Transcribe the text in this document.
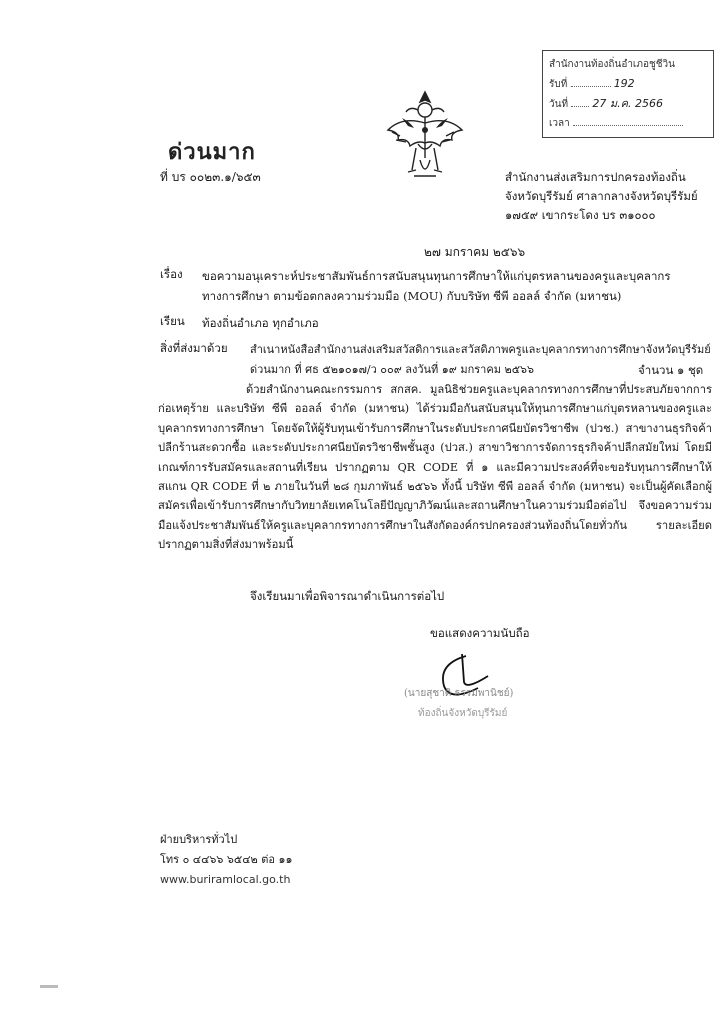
สำนักงานท้องถิ่นอำเภอชูชีวิน
รับที่	192
วันที่ 27 ม.ค. 2566
เวลา
ด่วนมาก
ที่ บร ๐๐๒๓.๑/๖๕๓	สำนักงานส่งเสริมการปกครองท้องถิ่น
จังหวัดบุรีรัมย์ ศาลากลางจังหวัดบุรีรัมย์
๑๗๕๙ เขากระโดง บร ๓๑๐๐๐
๒๗ มกราคม ๒๕๖๖
เรื่อง ขอความอนุเคราะห์ประชาสัมพันธ์การสนับสนุนทุนการศึกษาให้แก่บุตรหลานของครูและบุคลากร
ทางการศึกษา ตามข้อตกลงความร่วมมือ (MOU) กับบริษัท ซีพี ออลล์ จำกัด (มหาชน)
เรียน ท้องถิ่นอำเภอ ทุกอำเภอ
สิ่งที่ส่งมาด้วย สำเนาหนังสือสำนักงานส่งเสริมสวัสดิการและสวัสดิภาพครูและบุคลากรทางการศึกษาจังหวัดบุรีรัมย์
ด่วนมาก ที่ ศธ ๕๒๑๐๑๗/ว ๐๐๙ ลงวันที่ ๑๙ มกราคม ๒๕๖๖	จำนวน ๑ ชุด
ด้วยสำนักงานคณะกรรมการ สกสค. มูลนิธิช่วยครูและบุคลากรทางการศึกษาที่ประสบภัยจากการก่อเหตุร้าย และบริษัท ซีพี ออลล์ จำกัด (มหาชน) ได้ร่วมมือกันสนับสนุนให้ทุนการศึกษาแก่บุตรหลานของครูและบุคลากรทางการศึกษา โดยจัดให้ผู้รับทุนเข้ารับการศึกษาในระดับประกาศนียบัตรวิชาชีพ (ปวช.) สาขางานธุรกิจค้าปลีกร้านสะดวกซื้อ และระดับประกาศนียบัตรวิชาชีพชั้นสูง (ปวส.) สาขาวิชาการจัดการธุรกิจค้าปลีกสมัยใหม่ โดยมีเกณฑ์การรับสมัครและสถานที่เรียน ปรากฏตาม QR CODE ที่ ๑ และมีความประสงค์ที่จะขอรับทุนการศึกษาให้ สแกน QR CODE ที่ ๒ ภายในวันที่ ๒๘ กุมภาพันธ์ ๒๕๖๖ ทั้งนี้ บริษัท ซีพี ออลล์ จำกัด (มหาชน) จะเป็นผู้คัดเลือกผู้สมัครเพื่อเข้ารับการศึกษากับวิทยาลัยเทคโนโลยีปัญญาภิวัฒน์และสถานศึกษาในความร่วมมือต่อไป จึงขอความร่วมมือแจ้งประชาสัมพันธ์ให้ครูและบุคลากรทางการศึกษาในสังกัดองค์กรปกครองส่วนท้องถิ่นโดยทั่วกัน รายละเอียดปรากฏตามสิ่งที่ส่งมาพร้อมนี้
จึงเรียนมาเพื่อพิจารณาดำเนินการต่อไป
ขอแสดงความนับถือ
(นายสุชาติ ธรรมพานิชย์)
ท้องถิ่นจังหวัดบุรีรัมย์
ฝ่ายบริหารทั่วไป
โทร ๐ ๔๔๖๖ ๖๕๔๒ ต่อ ๑๑
www.buriramlocal.go.th
